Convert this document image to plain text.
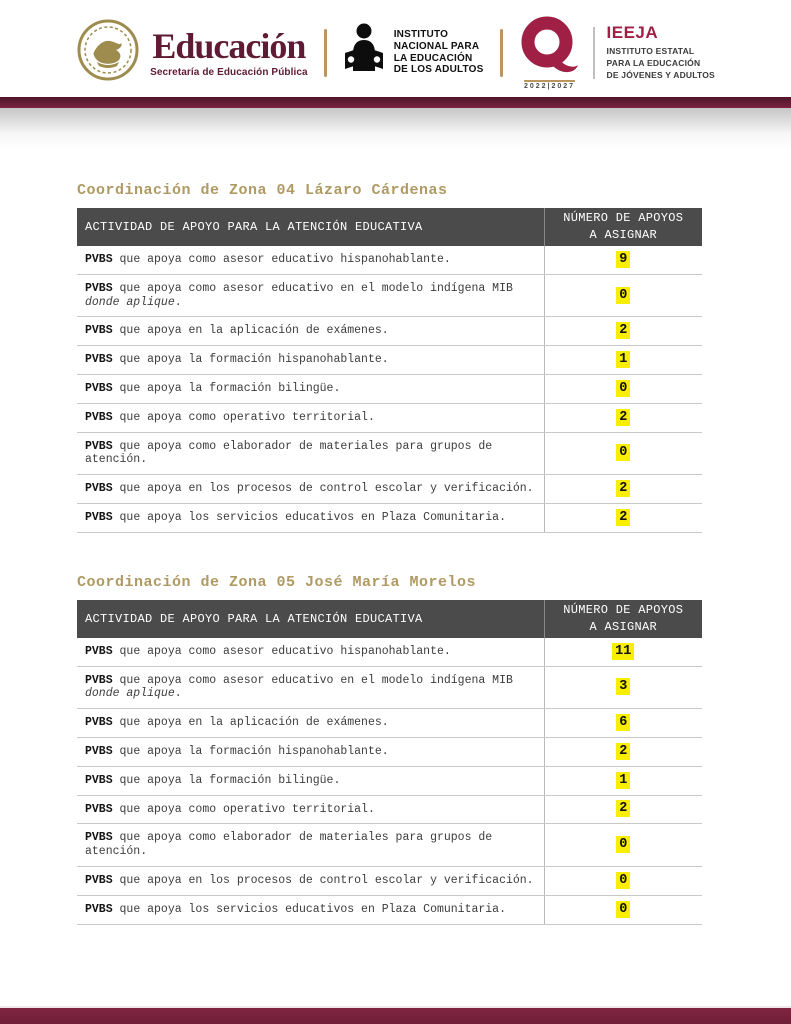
Educación
Secretaría de Educación Pública
INSTITUTO
NACIONAL PARA
LA EDUCACIÓN
DE LOS ADULTOS
2022|2027
IEEJA
INSTITUTO ESTATAL
PARA LA EDUCACIÓN
DE JÓVENES Y ADULTOS
Coordinación de Zona 04 Lázaro Cárdenas
ACTIVIDAD DE APOYO PARA LA ATENCIÓN EDUCATIVA	NÚMERO DE APOYOS A ASIGNAR
PVBS que apoya como asesor educativo hispanohablante.	9
PVBS que apoya como asesor educativo en el modelo indígena MIB donde aplique.	0
PVBS que apoya en la aplicación de exámenes.	2
PVBS que apoya la formación hispanohablante.	1
PVBS que apoya la formación bilingüe.	0
PVBS que apoya como operativo territorial.	2
PVBS que apoya como elaborador de materiales para grupos de atención.	0
PVBS que apoya en los procesos de control escolar y verificación.	2
PVBS que apoya los servicios educativos en Plaza Comunitaria.	2
Coordinación de Zona 05 José María Morelos
ACTIVIDAD DE APOYO PARA LA ATENCIÓN EDUCATIVA	NÚMERO DE APOYOS A ASIGNAR
PVBS que apoya como asesor educativo hispanohablante.	11
PVBS que apoya como asesor educativo en el modelo indígena MIB donde aplique.	3
PVBS que apoya en la aplicación de exámenes.	6
PVBS que apoya la formación hispanohablante.	2
PVBS que apoya la formación bilingüe.	1
PVBS que apoya como operativo territorial.	2
PVBS que apoya como elaborador de materiales para grupos de atención.	0
PVBS que apoya en los procesos de control escolar y verificación.	0
PVBS que apoya los servicios educativos en Plaza Comunitaria.	0
